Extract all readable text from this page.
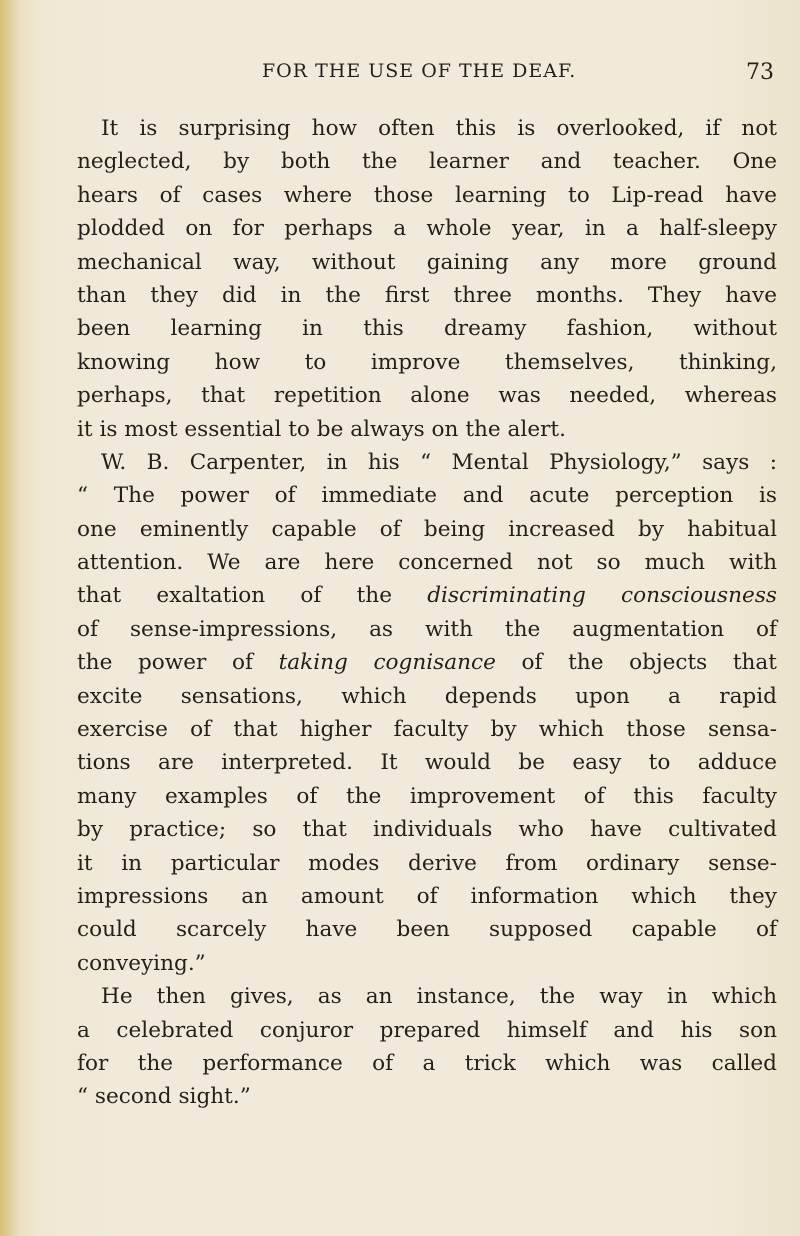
FOR THE USE OF THE DEAF.	73
It is surprising how often this is overlooked, if not
neglected, by both the learner and teacher. One
hears of cases where those learning to Lip-read have
plodded on for perhaps a whole year, in a half-sleepy
mechanical way, without gaining any more ground
than they did in the first three months. They have
been learning in this dreamy fashion, without
knowing how to improve themselves, thinking,
perhaps, that repetition alone was needed, whereas
it is most essential to be always on the alert.
W. B. Carpenter, in his “ Mental Physiology,” says :
“ The power of immediate and acute perception is
one eminently capable of being increased by habitual
attention. We are here concerned not so much with
that exaltation of the discriminating consciousness
of sense-impressions, as with the augmentation of
the power of taking cognisance of the objects that
excite sensations, which depends upon a rapid
exercise of that higher faculty by which those sensa-
tions are interpreted. It would be easy to adduce
many examples of the improvement of this faculty
by practice; so that individuals who have cultivated
it in particular modes derive from ordinary sense-
impressions an amount of information which they
could scarcely have been supposed capable of
conveying.”
He then gives, as an instance, the way in which
a celebrated conjuror prepared himself and his son
for the performance of a trick which was called
“ second sight.”
